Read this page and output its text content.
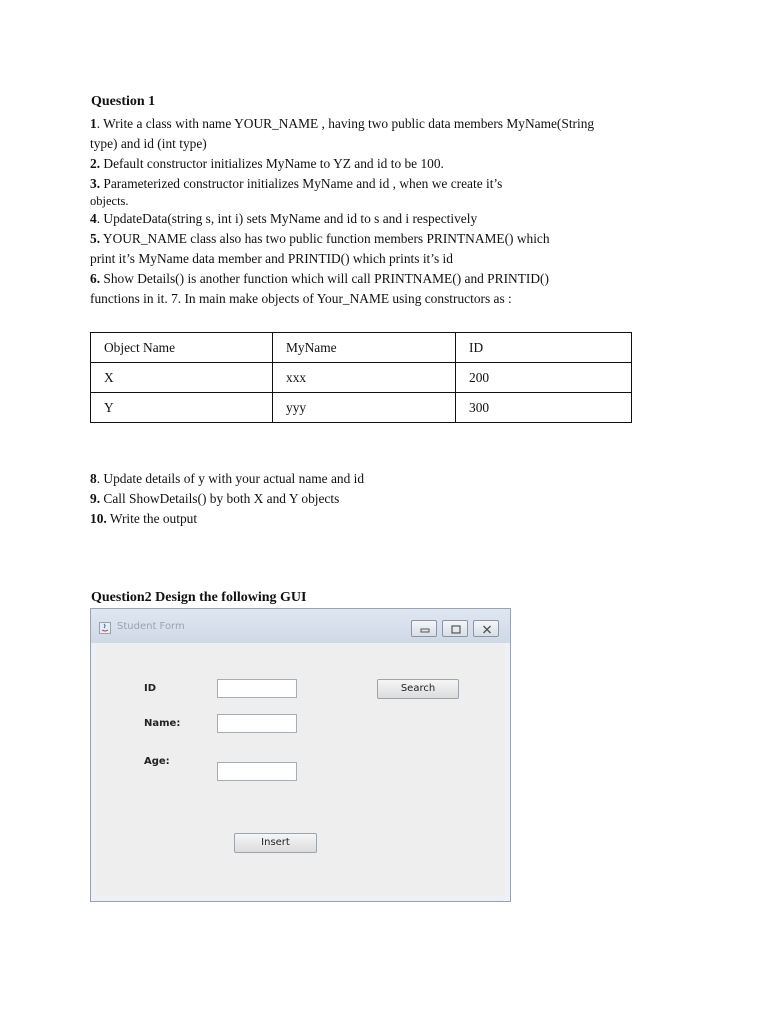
Question 1
1. Write a class with name YOUR_NAME , having two public data members MyName(String
type) and id (int type)
2. Default constructor initializes MyName to YZ and id to be 100.
3. Parameterized constructor initializes MyName and id , when we create it’s
objects.
4. UpdateData(string s, int i) sets MyName and id to s and i respectively
5. YOUR_NAME class also has two public function members PRINTNAME() which
print it’s MyName data member and PRINTID() which prints it’s id
6. Show Details() is another function which will call PRINTNAME() and PRINTID()
functions in it. 7. In main make objects of Your_NAME using constructors as :
Object Name	MyName	ID
X	xxx	200
Y	yyy	300
8. Update details of y with your actual name and id
9. Call ShowDetails() by both X and Y objects
10. Write the output
Question2 Design the following GUI
Student Form
ID	Search
Name:
Age:
Insert
